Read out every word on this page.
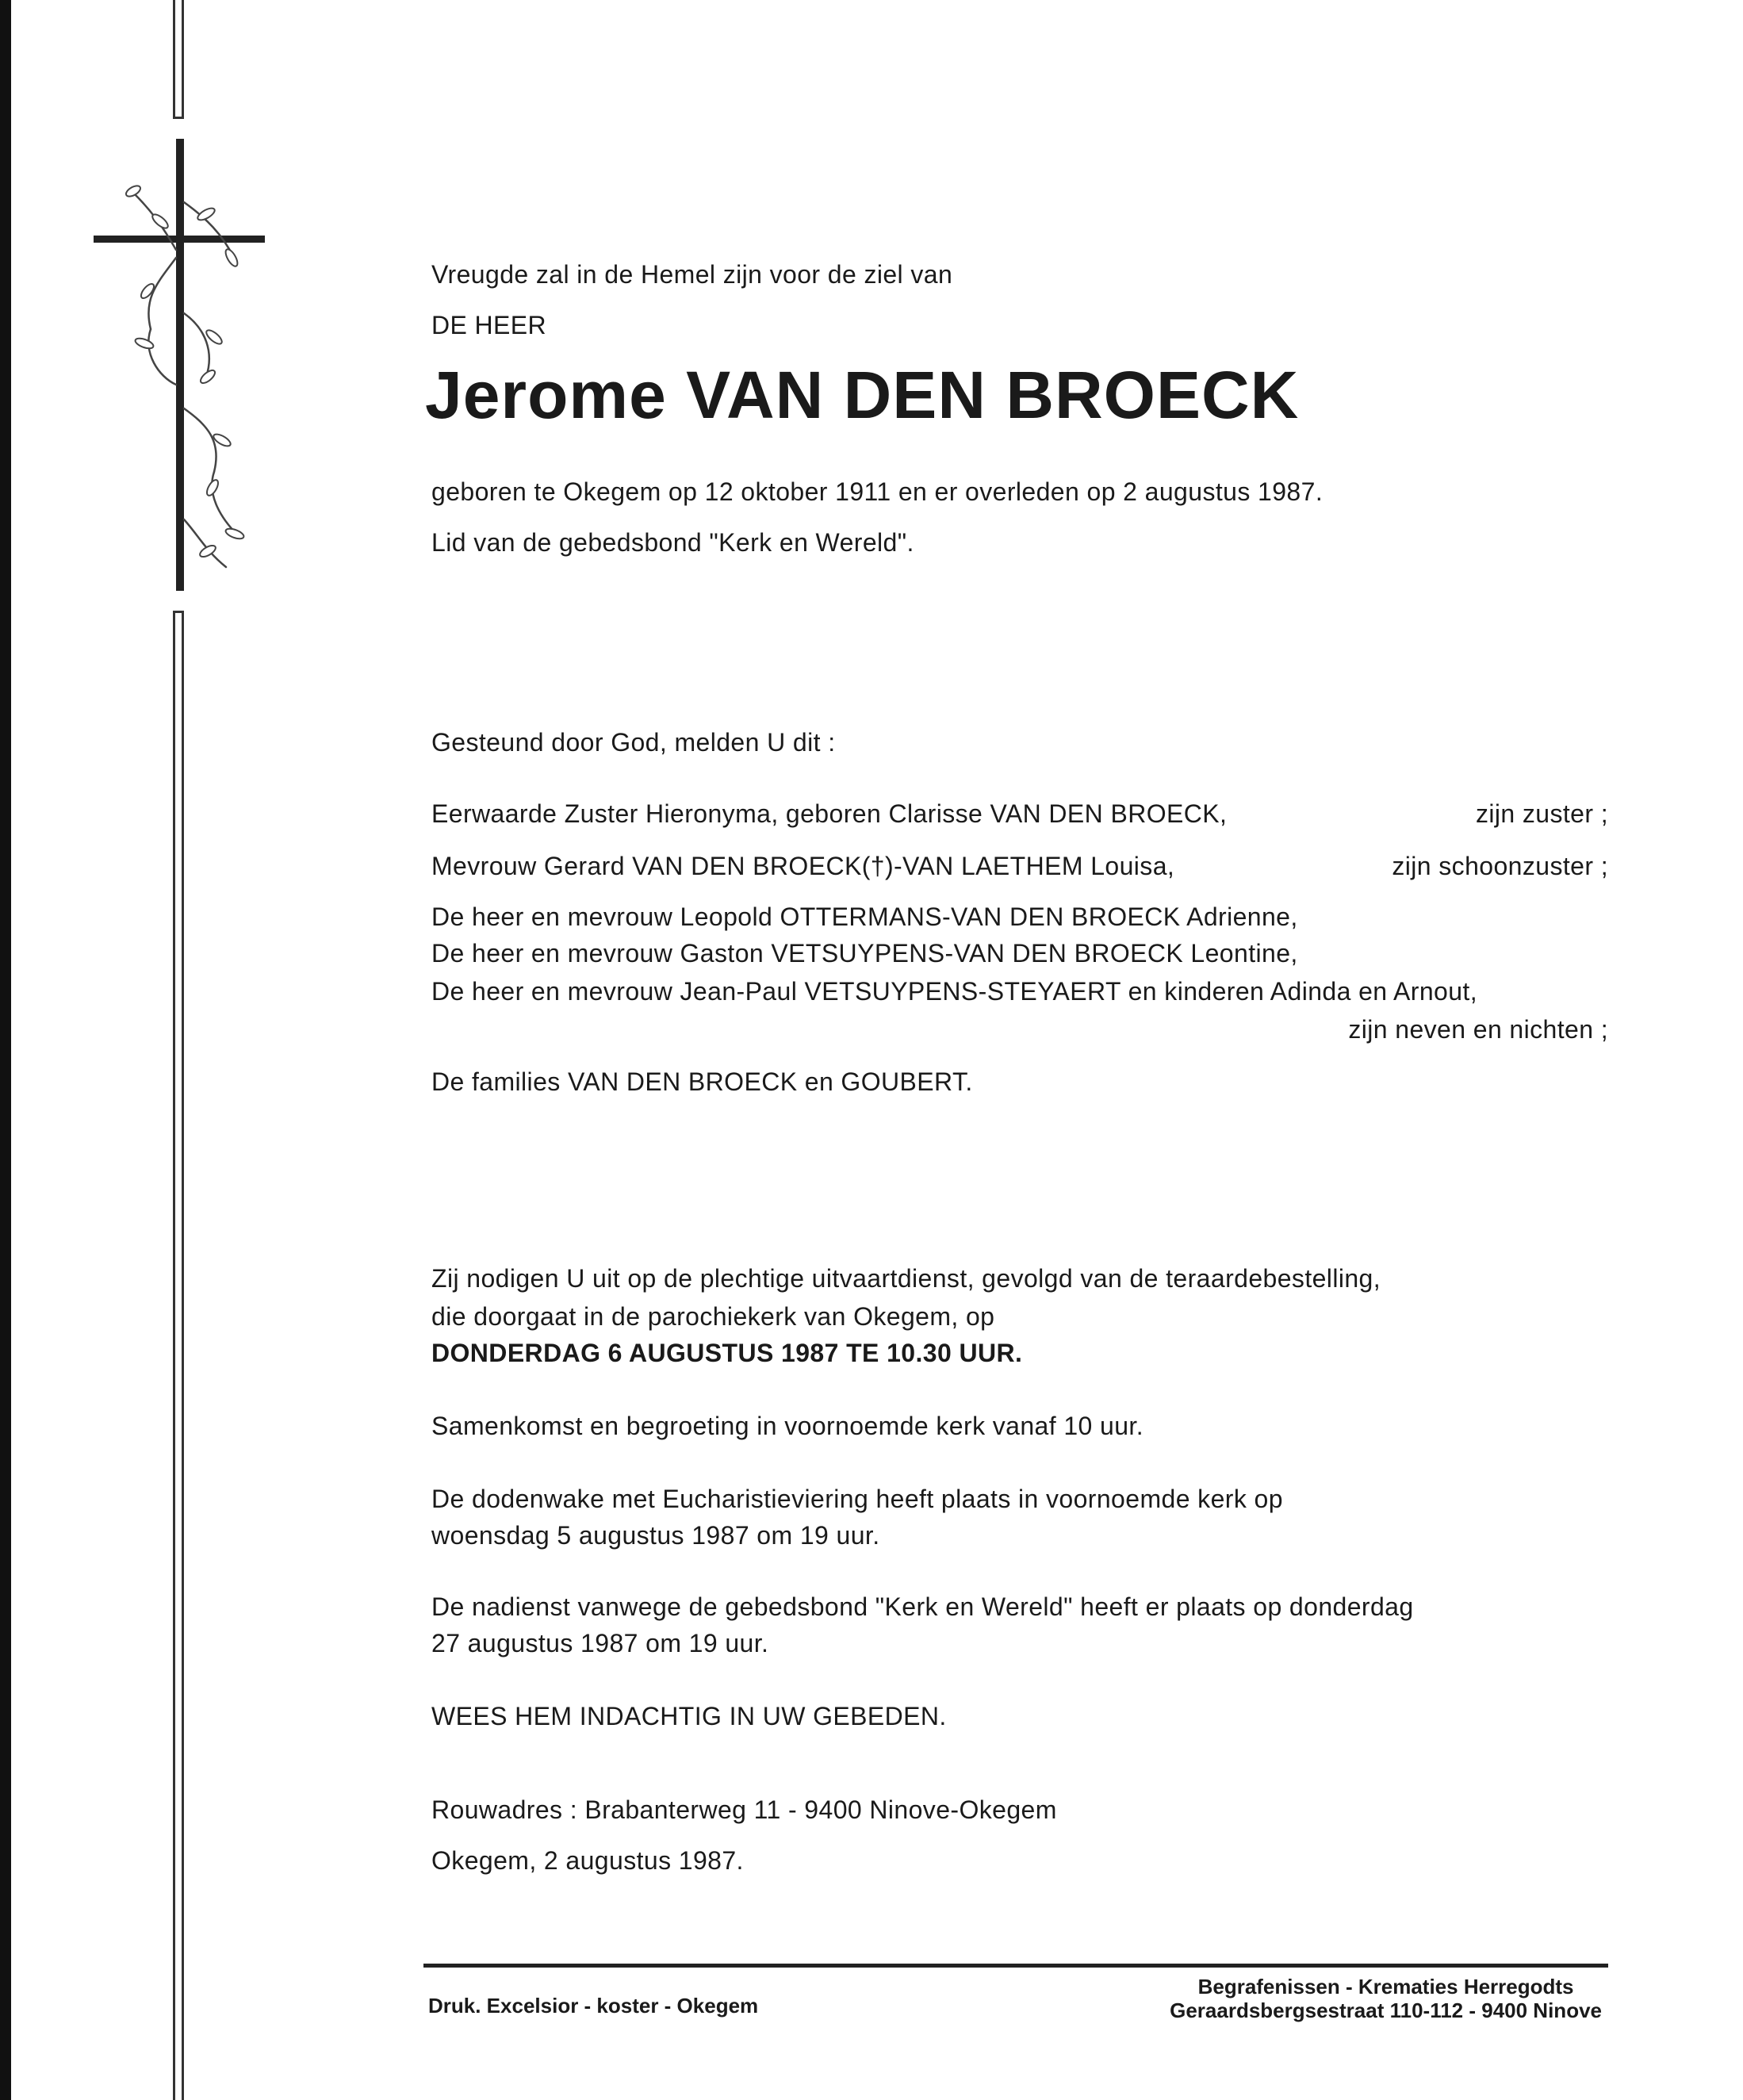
Vreugde zal in de Hemel zijn voor de ziel van
DE HEER
Jerome VAN DEN BROECK
geboren te Okegem op 12 oktober 1911 en er overleden op 2 augustus 1987.
Lid van de gebedsbond "Kerk en Wereld".
Gesteund door God, melden U dit :
Eerwaarde Zuster Hieronyma, geboren Clarisse VAN DEN BROECK,	zijn zuster ;
Mevrouw Gerard VAN DEN BROECK(†)-VAN LAETHEM Louisa,	zijn schoonzuster ;
De heer en mevrouw Leopold OTTERMANS-VAN DEN BROECK Adrienne,
De heer en mevrouw Gaston VETSUYPENS-VAN DEN BROECK Leontine,
De heer en mevrouw Jean-Paul VETSUYPENS-STEYAERT en kinderen Adinda en Arnout,
zijn neven en nichten ;
De families VAN DEN BROECK en GOUBERT.
Zij nodigen U uit op de plechtige uitvaartdienst, gevolgd van de teraardebestelling,
die doorgaat in de parochiekerk van Okegem, op
DONDERDAG 6 AUGUSTUS 1987 TE 10.30 UUR.
Samenkomst en begroeting in voornoemde kerk vanaf 10 uur.
De dodenwake met Eucharistieviering heeft plaats in voornoemde kerk op
woensdag 5 augustus 1987 om 19 uur.
De nadienst vanwege de gebedsbond "Kerk en Wereld" heeft er plaats op donderdag
27 augustus 1987 om 19 uur.
WEES HEM INDACHTIG IN UW GEBEDEN.
Rouwadres : Brabanterweg 11 - 9400 Ninove-Okegem
Okegem, 2 augustus 1987.
Druk. Excelsior - koster - Okegem
Begrafenissen - Krematies Herregodts
Geraardsbergsestraat 110-112 - 9400 Ninove
